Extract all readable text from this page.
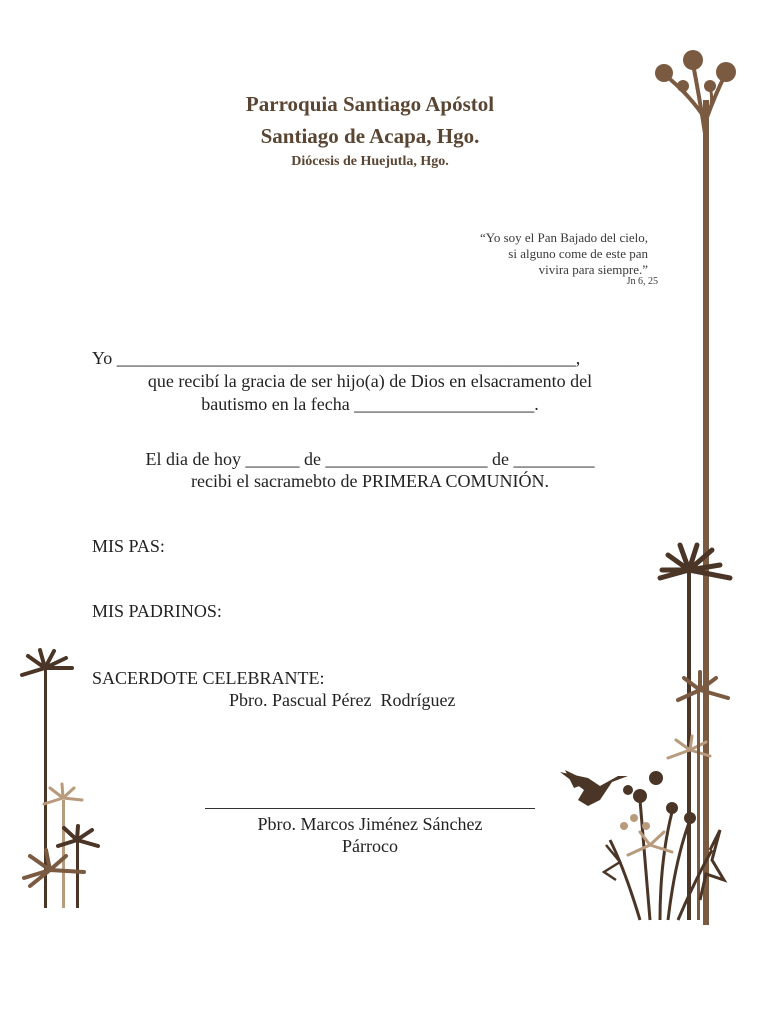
Parroquia Santiago Apóstol
Santiago de Acapa, Hgo.
Diócesis de Huejutla, Hgo.
“Yo soy el Pan Bajado del cielo,
si alguno come de este pan
vivira para siempre.”
Jn 6, 25
Yo ___________________________________________________,
que recibí la gracia de ser hijo(a) de Dios en elsacramento del
bautismo en la fecha ____________________.
El dia de hoy ______ de __________________ de _________
recibi el sacramebto de PRIMERA COMUNIÓN.
MIS PAS:
MIS PADRINOS:
SACERDOTE CELEBRANTE:
Pbro. Pascual Pérez  Rodríguez
Pbro. Marcos Jiménez Sánchez
Párroco
